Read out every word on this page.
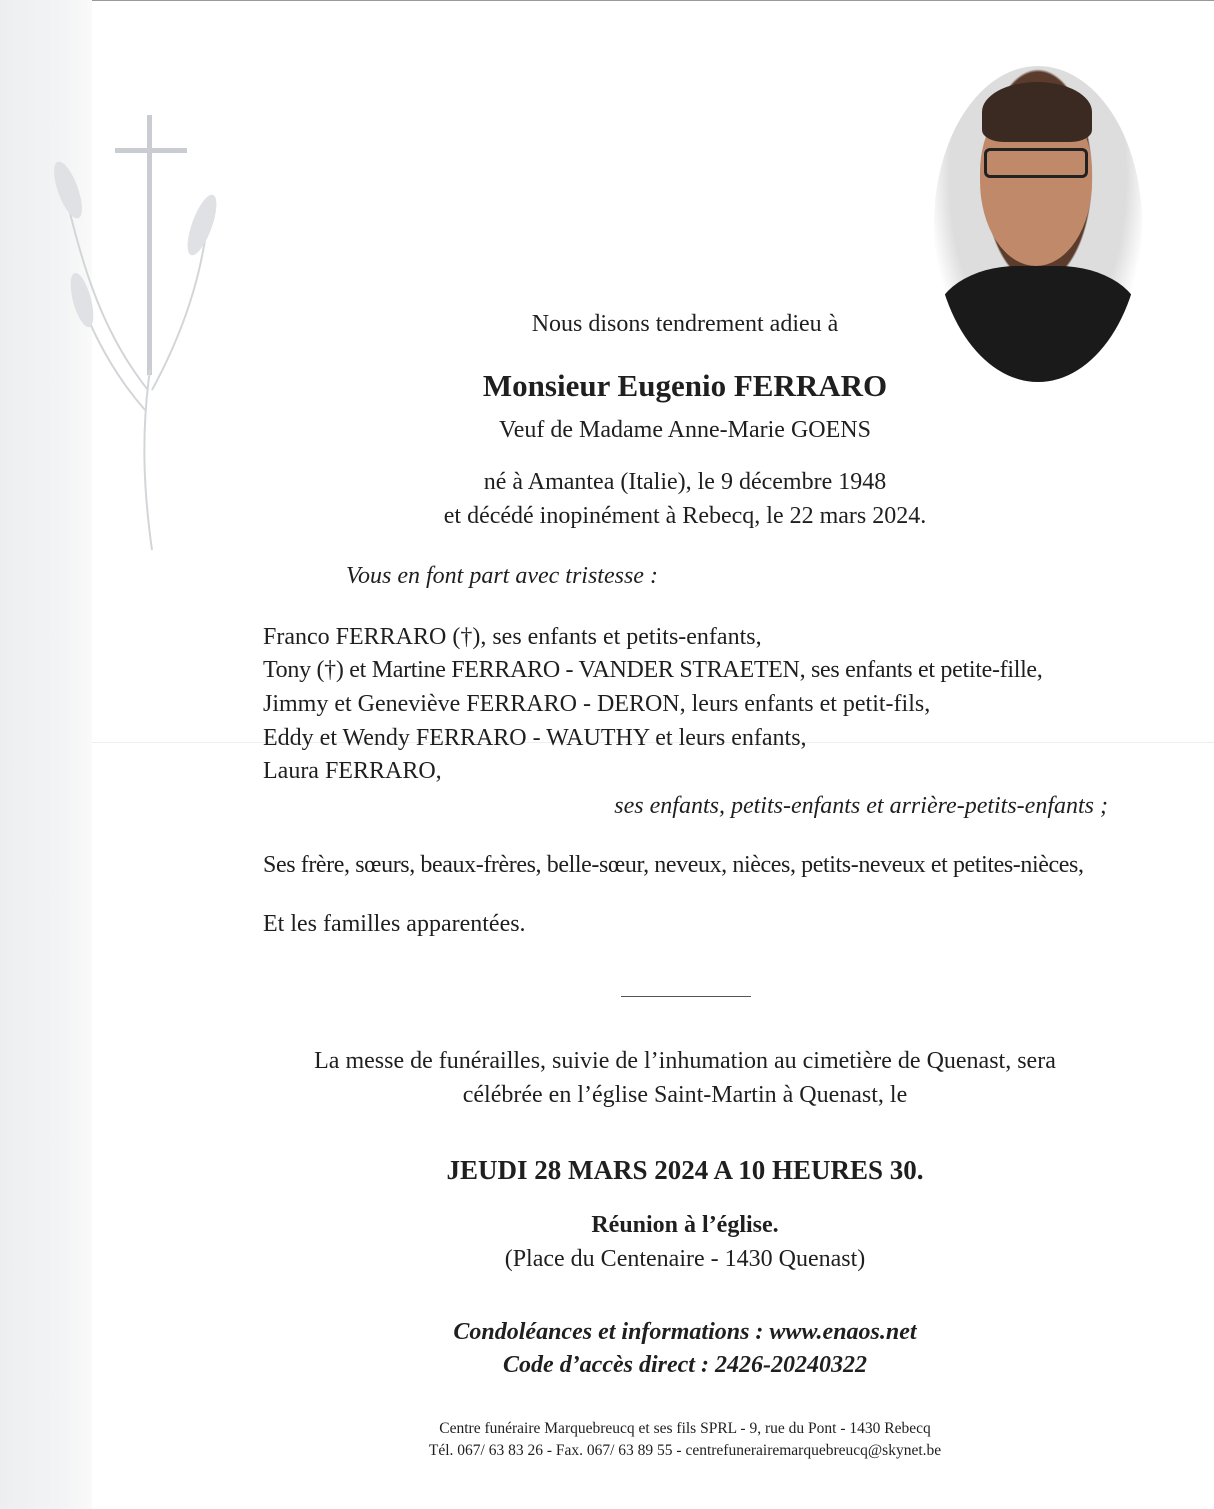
Nous disons tendrement adieu à
Monsieur Eugenio FERRARO
Veuf de Madame Anne-Marie GOENS
né à Amantea (Italie), le 9 décembre 1948
et décédé inopinément à Rebecq, le 22 mars 2024.
Vous en font part avec tristesse :
Franco FERRARO (†), ses enfants et petits-enfants,
Tony (†) et Martine FERRARO - VANDER STRAETEN, ses enfants et petite-fille,
Jimmy et Geneviève FERRARO - DERON, leurs enfants et petit-fils,
Eddy et Wendy FERRARO - WAUTHY et leurs enfants,
Laura FERRARO,
ses enfants, petits-enfants et arrière-petits-enfants ;
Ses frère, sœurs, beaux-frères, belle-sœur, neveux, nièces, petits-neveux et petites-nièces,
Et les familles apparentées.
La messe de funérailles, suivie de l’inhumation au cimetière de Quenast, sera
célébrée en l’église Saint-Martin à Quenast, le
JEUDI 28 MARS 2024 A 10 HEURES 30.
Réunion à l’église.
(Place du Centenaire - 1430 Quenast)
Condoléances et informations : www.enaos.net
Code d’accès direct : 2426-20240322
Centre funéraire Marquebreucq et ses fils SPRL - 9, rue du Pont - 1430 Rebecq
Tél. 067/ 63 83 26 - Fax. 067/ 63 89 55 - centrefunerairemarquebreucq@skynet.be
